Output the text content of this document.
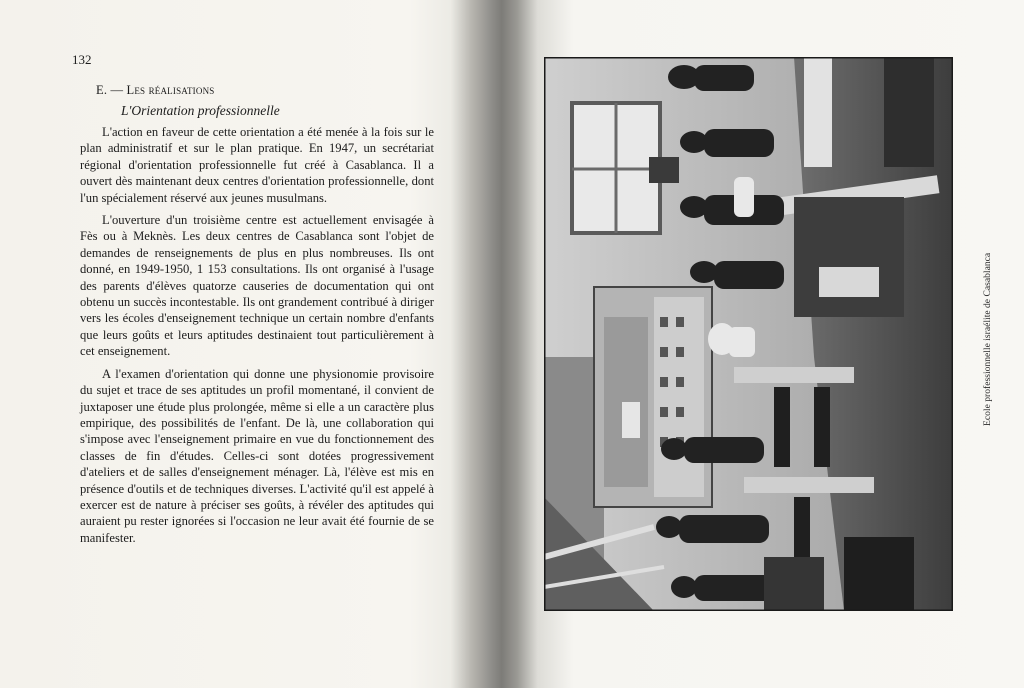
132
E. — Les réalisations
L'Orientation professionnelle

L'action en faveur de cette orientation a été menée à la fois sur le plan administratif et sur le plan pratique. En 1947, un secrétariat régional d'orientation professionnelle fut créé à Casablanca. Il a ouvert dès maintenant deux centres d'orientation professionnelle, dont l'un spécialement réservé aux jeunes musulmans.

L'ouverture d'un troisième centre est actuellement envisagée à Fès ou à Meknès. Les deux centres de Casablanca sont l'objet de demandes de renseignements de plus en plus nombreuses. Ils ont donné, en 1949-1950, 1 153 consultations. Ils ont organisé à l'usage des parents d'élèves quatorze causeries de documentation qui ont obtenu un succès incontestable. Ils ont grandement contribué à diriger vers les écoles d'enseignement technique un certain nombre d'enfants que leurs goûts et leurs aptitudes destinaient tout particulièrement à cet enseignement.

A l'examen d'orientation qui donne une physionomie provisoire du sujet et trace de ses aptitudes un profil momentané, il convient de juxtaposer une étude plus prolongée, même si elle a un caractère plus empirique, des possibilités de l'enfant. De là, une collaboration qui s'impose avec l'enseignement primaire en vue du fonctionnement des classes de fin d'études. Celles-ci sont dotées progressivement d'ateliers et de salles d'enseignement ménager. Là, l'élève est mis en présence d'outils et de techniques diverses. L'activité qu'il est appelé à exercer est de nature à préciser ses goûts, à révéler des aptitudes qui auraient pu rester ignorées si l'occasion ne leur avait été fournie de se manifester.

Ecole professionnelle israélite de Casablanca
